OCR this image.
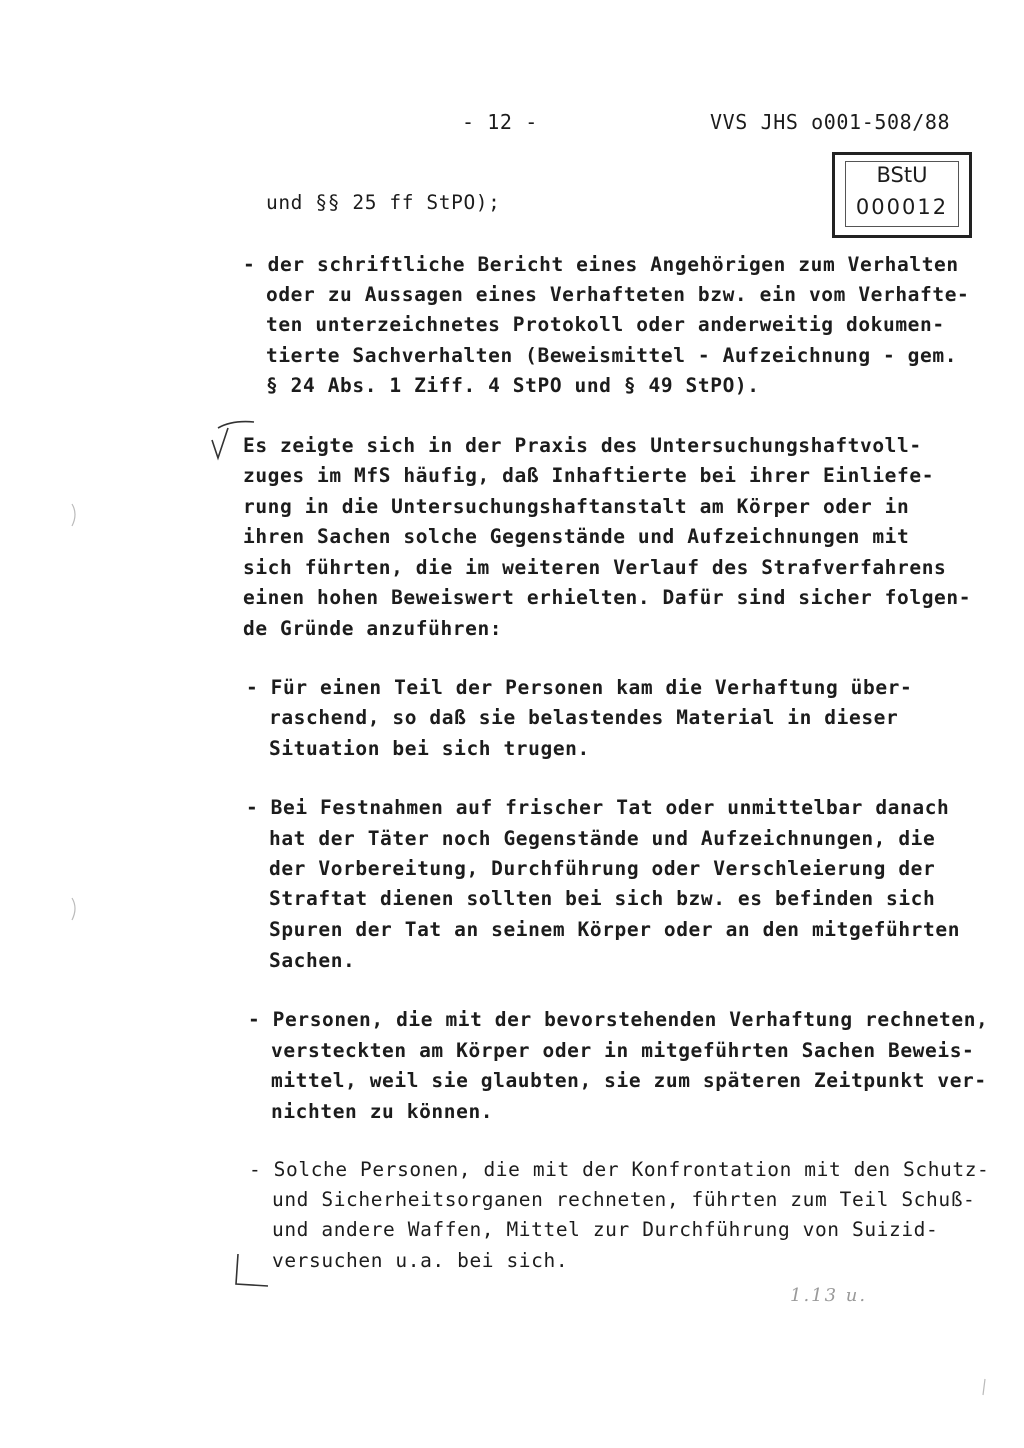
- 12 -	VVS JHS o001-508/88
BStU
000012
und §§ 25 ff StPO);
- der schriftliche Bericht eines Angehörigen zum Verhalten
oder zu Aussagen eines Verhafteten bzw. ein vom Verhafte-
ten unterzeichnetes Protokoll oder anderweitig dokumen-
tierte Sachverhalten (Beweismittel - Aufzeichnung - gem.
§ 24 Abs. 1 Ziff. 4 StPO und § 49 StPO).
Es zeigte sich in der Praxis des Untersuchungshaftvoll-
zuges im MfS häufig, daß Inhaftierte bei ihrer Einliefe-
rung in die Untersuchungshaftanstalt am Körper oder in
ihren Sachen solche Gegenstände und Aufzeichnungen mit
sich führten, die im weiteren Verlauf des Strafverfahrens
einen hohen Beweiswert erhielten. Dafür sind sicher folgen-
de Gründe anzuführen:
- Für einen Teil der Personen kam die Verhaftung über-
raschend, so daß sie belastendes Material in dieser
Situation bei sich trugen.
- Bei Festnahmen auf frischer Tat oder unmittelbar danach
hat der Täter noch Gegenstände und Aufzeichnungen, die
der Vorbereitung, Durchführung oder Verschleierung der
Straftat dienen sollten bei sich bzw. es befinden sich
Spuren der Tat an seinem Körper oder an den mitgeführten
Sachen.
- Personen, die mit der bevorstehenden Verhaftung rechneten,
versteckten am Körper oder in mitgeführten Sachen Beweis-
mittel, weil sie glaubten, sie zum späteren Zeitpunkt ver-
nichten zu können.
- Solche Personen, die mit der Konfrontation mit den Schutz-
und Sicherheitsorganen rechneten, führten zum Teil Schuß-
und andere Waffen, Mittel zur Durchführung von Suizid-
versuchen u.a. bei sich.
1.13 u.
